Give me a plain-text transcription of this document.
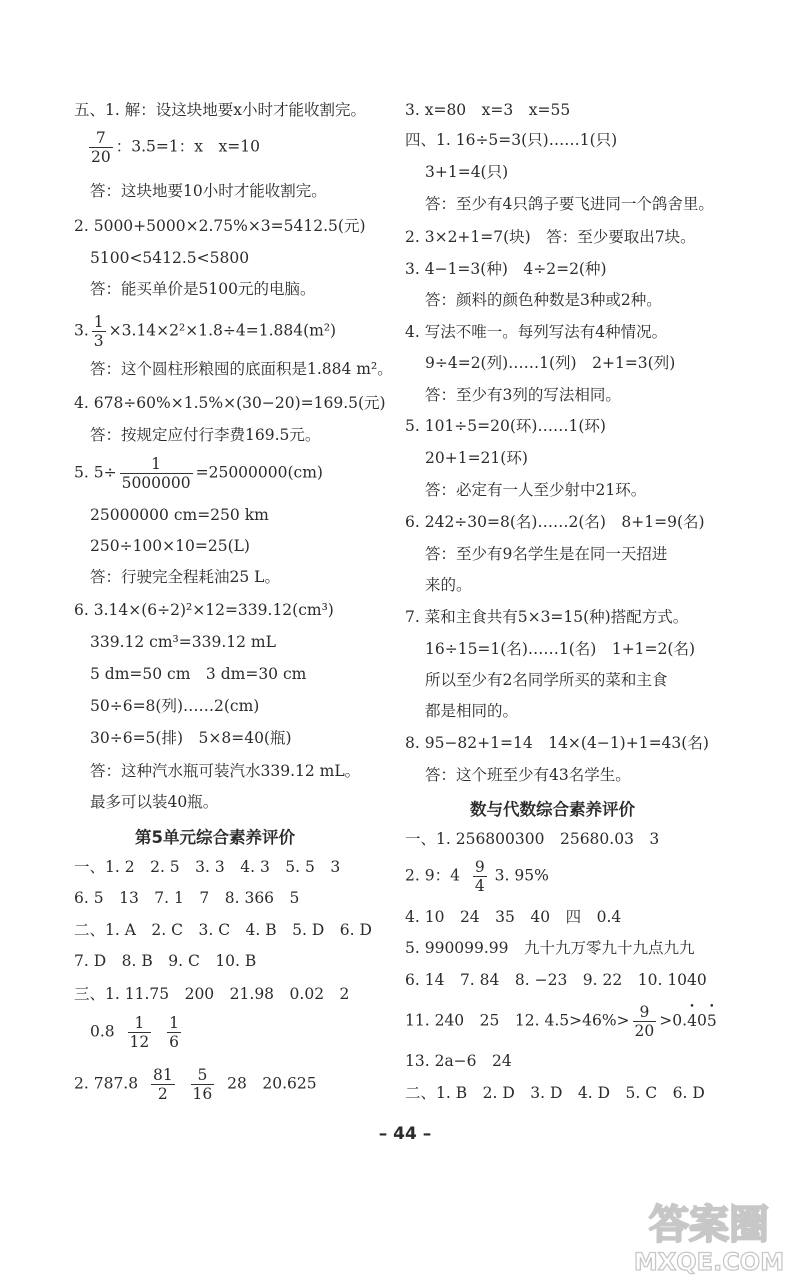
五、1. 解：设这块地要x小时才能收割完。
$\frac{7}{20}$ ：3.5=1：x　x=10
答：这块地要10小时才能收割完。
2. 5000+5000×2.75%×3=5412.5(元)
5100<5412.5<5800
答：能买单价是5100元的电脑。
3. $\frac{1}{3} \times 3.14\times 2^2\times 1.8\div 4=1.884(m^2)$
答：这个圆柱形粮囤的底面积是1.884 m²。
4. 678÷60%×1.5%×(30−20)=169.5(元)
答：按规定应付行李费169.5元。
5. $5\div \frac{1}{5000000} =25000000(cm)$
25000000 cm=250 km
250÷100×10=25(L)
答：行驶完全程耗油25 L。
6. 3.14×(6÷2)²×12=339.12(cm³)
339.12 cm³=339.12 mL
5 dm=50 cm　3 dm=30 cm
50÷6=8(列)……2(cm)
30÷6=5(排)　5×8=40(瓶)
答：这种汽水瓶可装汽水339.12 mL。
最多可以装40瓶。
第5单元综合素养评价
一、1. 2　2. 5　3. 3　4. 3　5. 5　3
6. 5　13　7. 1　7　8. 366　5
二、1. A　2. C　3. C　4. B　5. D　6. D
7. D　8. B　9. C　10. B
三、1. 11.75　200　21.98　0.02　2
$0.8 \frac{1}{12}$
$\frac{1}{6}$
2. $787.8 \frac{81}{2}$
$\frac{5}{16} 28$　20.625
3. x=80　x=3　x=55
四、1. 16÷5=3(只)……1(只)
3+1=4(只)
答：至少有4只鸽子要飞进同一个鸽舍里。
2. 3×2+1=7(块)　答：至少要取出7块。
3. 4−1=3(种)　4÷2=2(种)
答：颜料的颜色种数是3种或2种。
4. 写法不唯一。每列写法有4种情况。
9÷4=2(列)……1(列)　2+1=3(列)
答：至少有3列的写法相同。
5. 101÷5=20(环)……1(环)
20+1=21(环)
答：必定有一人至少射中21环。
6. 242÷30=8(名)……2(名)　8+1=9(名)
答：至少有9名学生是在同一天招进
来的。
7. 菜和主食共有5×3=15(种)搭配方式。
16÷15=1(名)……1(名)　1+1=2(名)
所以至少有2名同学所买的菜和主食
都是相同的。
8. 95−82+1=14　14×(4−1)+1=43(名)
答：这个班至少有43名学生。
数与代数综合素养评价
一、1. 256800300　25680.03　3
2. 9：$4 \frac{9}{4} 3$. 95%
4. 10　24　35　40　四　0.4
5. 990099.99　九十九万零九十九点九九
6. 14　7. 84　8. −23　9. 22　10. 1040
11. 240　25　12. $4.5>46\%> \frac{9}{20}$ >0.• 40• 5
13. 2a−6　24
二、1. B　2. D　3. D　4. D　5. C　6. D
– 44 –
答案圈
MXQE.COM
